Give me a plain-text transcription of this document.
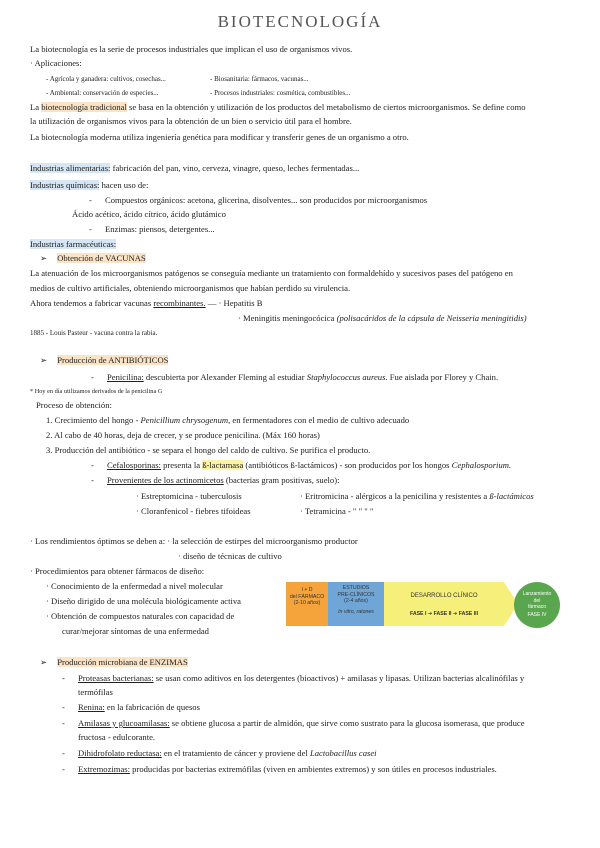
BIOTECNOLOGÍA
La biotecnología es la serie de procesos industriales que implican el uso de organismos vivos.
· Aplicaciones:
- Agrícola y ganadera: cultivos, cosechas...	- Biosanitaria: fármacos, vacunas...
- Ambiental: conservación de especies...	- Procesos industriales: cosmética, combustibles...
La biotecnología tradicional se basa en la obtención y utilización de los productos del metabolismo de ciertos microorganismos. Se define como
la utilización de organismos vivos para la obtención de un bien o servicio útil para el hombre.
La biotecnología moderna utiliza ingeniería genética para modificar y transferir genes de un organismo a otro.
Industrias alimentarias: fabricación del pan, vino, cerveza, vinagre, queso, leches fermentadas...
Industrias químicas: hacen uso de:
- Compuestos orgánicos: acetona, glicerina, disolventes... son producidos por microorganismos
Ácido acético, ácido cítrico, ácido glutámico
- Enzimas: piensos, detergentes...
Industrias farmacéuticas:
➢ Obtención de VACUNAS
La atenuación de los microorganismos patógenos se conseguía mediante un tratamiento con formaldehído y sucesivos pases del patógeno en
medios de cultivo artificiales, obteniendo microorganismos que habían perdido su virulencia.
Ahora tendemos a fabricar vacunas recombinantes. — · Hepatitis B
· Meningitis meningocócica (polisacáridos de la cápsula de Neisseria meningitidis)
1885 - Louis Pasteur - vacuna contra la rabia.
➢ Producción de ANTIBIÓTICOS
- Penicilina: descubierta por Alexander Fleming al estudiar Staphylococcus aureus. Fue aislada por Florey y Chain.
* Hoy en día utilizamos derivados de la penicilina G
Proceso de obtención:
1. Crecimiento del hongo - Penicillium chrysogenum, en fermentadores con el medio de cultivo adecuado
2. Al cabo de 40 horas, deja de crecer, y se produce penicilina. (Máx 160 horas)
3. Producción del antibiótico - se separa el hongo del caldo de cultivo. Se purifica el producto.
- Cefalosporinas: presenta la ß-lactamasa (antibióticos ß-lactámicos) - son producidos por los hongos Cephalosporium.
- Provenientes de los actinomicetos (bacterias gram positivas, suelo):
· Estreptomicina - tuberculosis	· Eritromicina - alérgicos a la penicilina y resistentes a ß-lactámicos
· Cloranfenicol - fiebres tifoideas	· Tetramicina - " " " "
· Los rendimientos óptimos se deben a: · la selección de estirpes del microorganismo productor
· diseño de técnicas de cultivo
· Procedimientos para obtener fármacos de diseño:
· Conocimiento de la enfermedad a nivel molecular
· Diseño dirigido de una molécula biológicamente activa
· Obtención de compuestos naturales con capacidad de
curar/mejorar síntomas de una enfermedad
I + D
del FÁRMACO
(2-10 años)
ESTUDIOS
PRE-CLÍNICOS
(2-4 años)
In vitro, ratones
DESARROLLO CLÍNICO
FASE I ➔ FASE II ➔ FASE III
Lanzamiento
del
fármaco
FASE IV
➢ Producción microbiana de ENZIMAS
- Proteasas bacterianas: se usan como aditivos en los detergentes (bioactivos) + amilasas y lipasas. Utilizan bacterias alcalinófilas y
termófilas
- Renina: en la fabricación de quesos
- Amilasas y glucoamilasas: se obtiene glucosa a partir de almidón, que sirve como sustrato para la glucosa isomerasa, que produce
fructosa - edulcorante.
- Dihidrofolato reductasa: en el tratamiento de cáncer y proviene del Lactobacillus casei
- Extremozimas: producidas por bacterias extremófilas (viven en ambientes extremos) y son útiles en procesos industriales.
